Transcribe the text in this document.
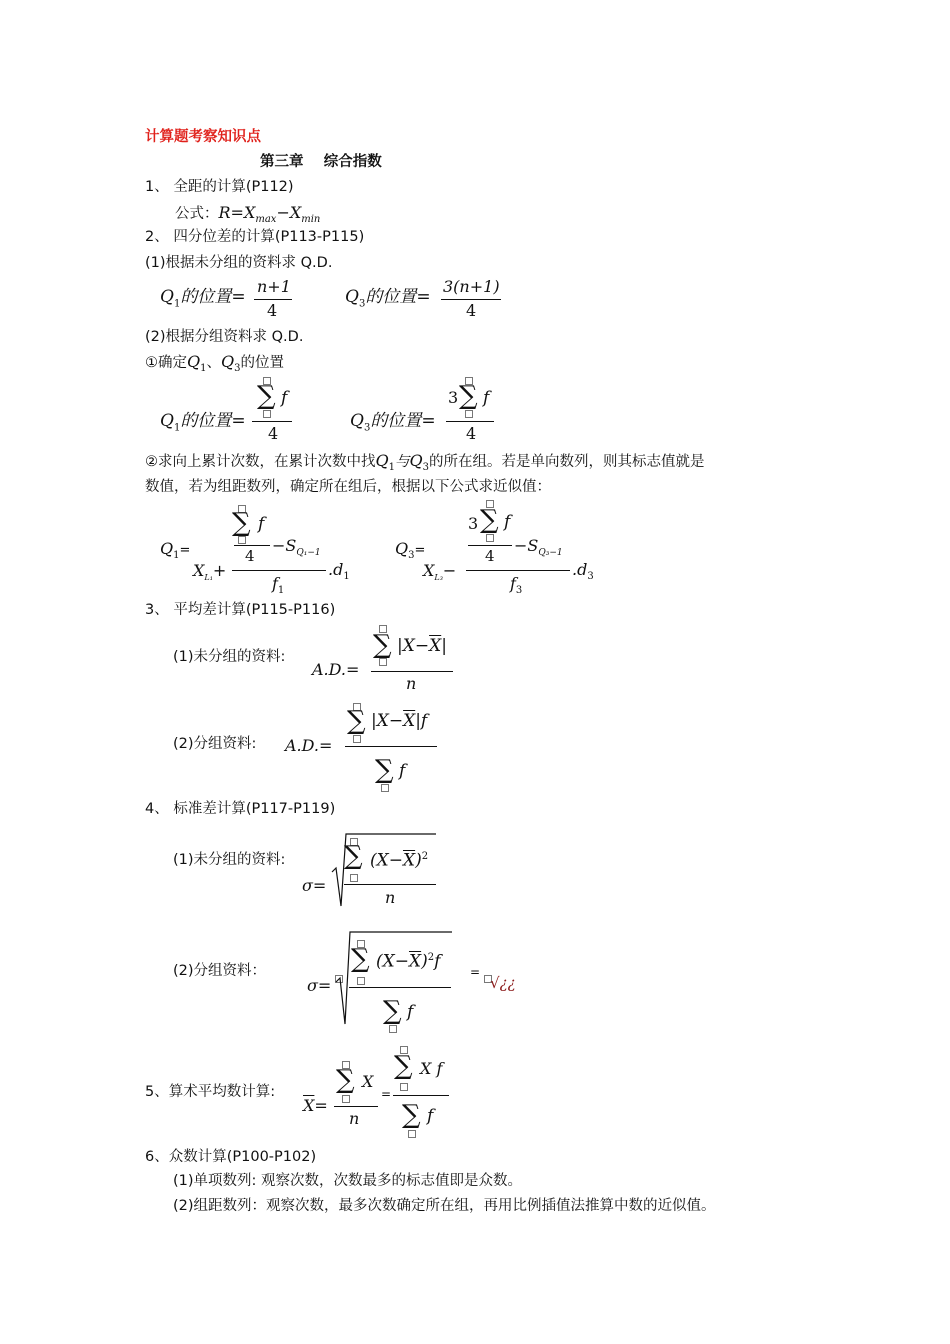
计算题考察知识点
第三章    综合指数
1、 全距的计算(P112)
公式：$R=X_{max}-X_{min}$
2、 四分位差的计算(P113-P115)
(1)根据未分组的资料求 Q.D.
$Q_1$的位置=
n+1
4
$Q_3$的位置=
3(n+1)
4
(2)根据分组资料求 Q.D.
①确定$Q_1$、$Q_3$的位置
$Q_1$的位置=
∑ f
4
$Q_3$的位置=
3 ∑ f
4
②求向上累计次数，在累计次数中找$Q_1$与$Q_3$的所在组。若是单向数列，则其标志值就是
数值，若为组距数列，确定所在组后，根据以下公式求近似值：
$Q_1=$
∑ f
4
$-S_{Q_1-1}$
$X_{L_1}+$
$f_1$
$.d_1$
$Q_3=$
3 ∑ f
4
$-S_{Q_3-1}$
$X_{L_3}-$
$f_3$
$.d_3$
3、 平均差计算(P115-P116)
(1)未分组的资料:
A.D.=
∑ $|X-\overline{X}|$
n
(2)分组资料: A.D.=
∑ $|X-\overline{X}|f$
∑ f
4、 标准差计算(P117-P119)
(1)未分组的资料:
σ=
∑ $(X-\overline{X})^2$
n
(2)分组资料：
σ=
∑ $(X-\overline{X})^2f$
∑ f
=
√¿¿
5、算术平均数计算:
$\overline{X}=$
∑ X
n
=
∑ X f
∑ f
6、众数计算(P100-P102)
(1)单项数列: 观察次数，次数最多的标志值即是众数。
(2)组距数列：观察次数，最多次数确定所在组，再用比例插值法推算中数的近似值。
